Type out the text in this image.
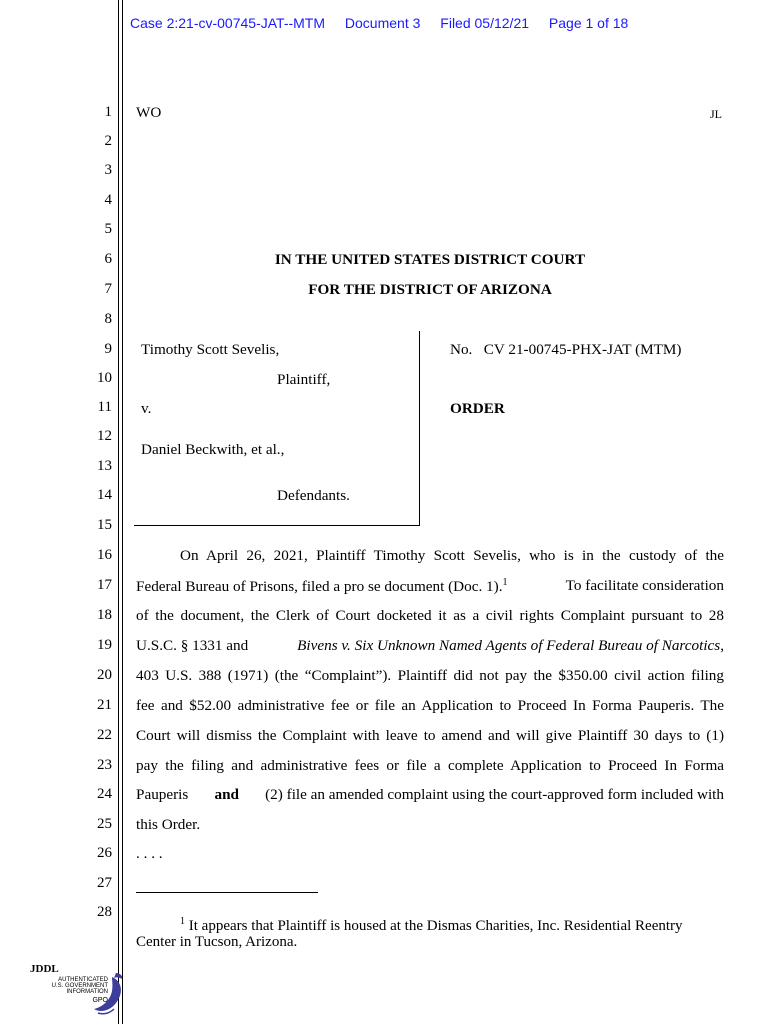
Case 2:21-cv-00745-JAT--MTM Document 3 Filed 05/12/21 Page 1 of 18
1
2
3
4
5
6
7
8
9
10
11
12
13
14
15
16
17
18
19
20
21
22
23
24
25
26
27
28
WO	JL
IN THE UNITED STATES DISTRICT COURT
FOR THE DISTRICT OF ARIZONA
Timothy Scott Sevelis,
Plaintiff,
v.
Daniel Beckwith, et al.,
Defendants.
No.   CV 21-00745-PHX-JAT (MTM)
ORDER
On April 26, 2021, Plaintiff Timothy Scott Sevelis, who is in the custody of the
Federal Bureau of Prisons, filed a pro se document (Doc. 1).$^1$	To facilitate consideration
of the document, the Clerk of Court docketed it as a civil rights Complaint pursuant to 28
U.S.C. § 1331 and	Bivens v. Six Unknown Named Agents of Federal Bureau of Narcotics,
403 U.S. 388 (1971) (the “Complaint”). Plaintiff did not pay the $350.00 civil action filing
fee and $52.00 administrative fee or file an Application to Proceed In Forma Pauperis. The
Court will dismiss the Complaint with leave to amend and will give Plaintiff 30 days to (1)
pay the filing and administrative fees or file a complete Application to Proceed In Forma
Pauperis and (2) file an amended complaint using the court-approved form included with
this Order.
. . . .
$^1$ It appears that Plaintiff is housed at the Dismas Charities, Inc. Residential Reentry Center in Tucson, Arizona.
JDDL
AUTHENTICATED
U.S. GOVERNMENT
INFORMATION
GPO
